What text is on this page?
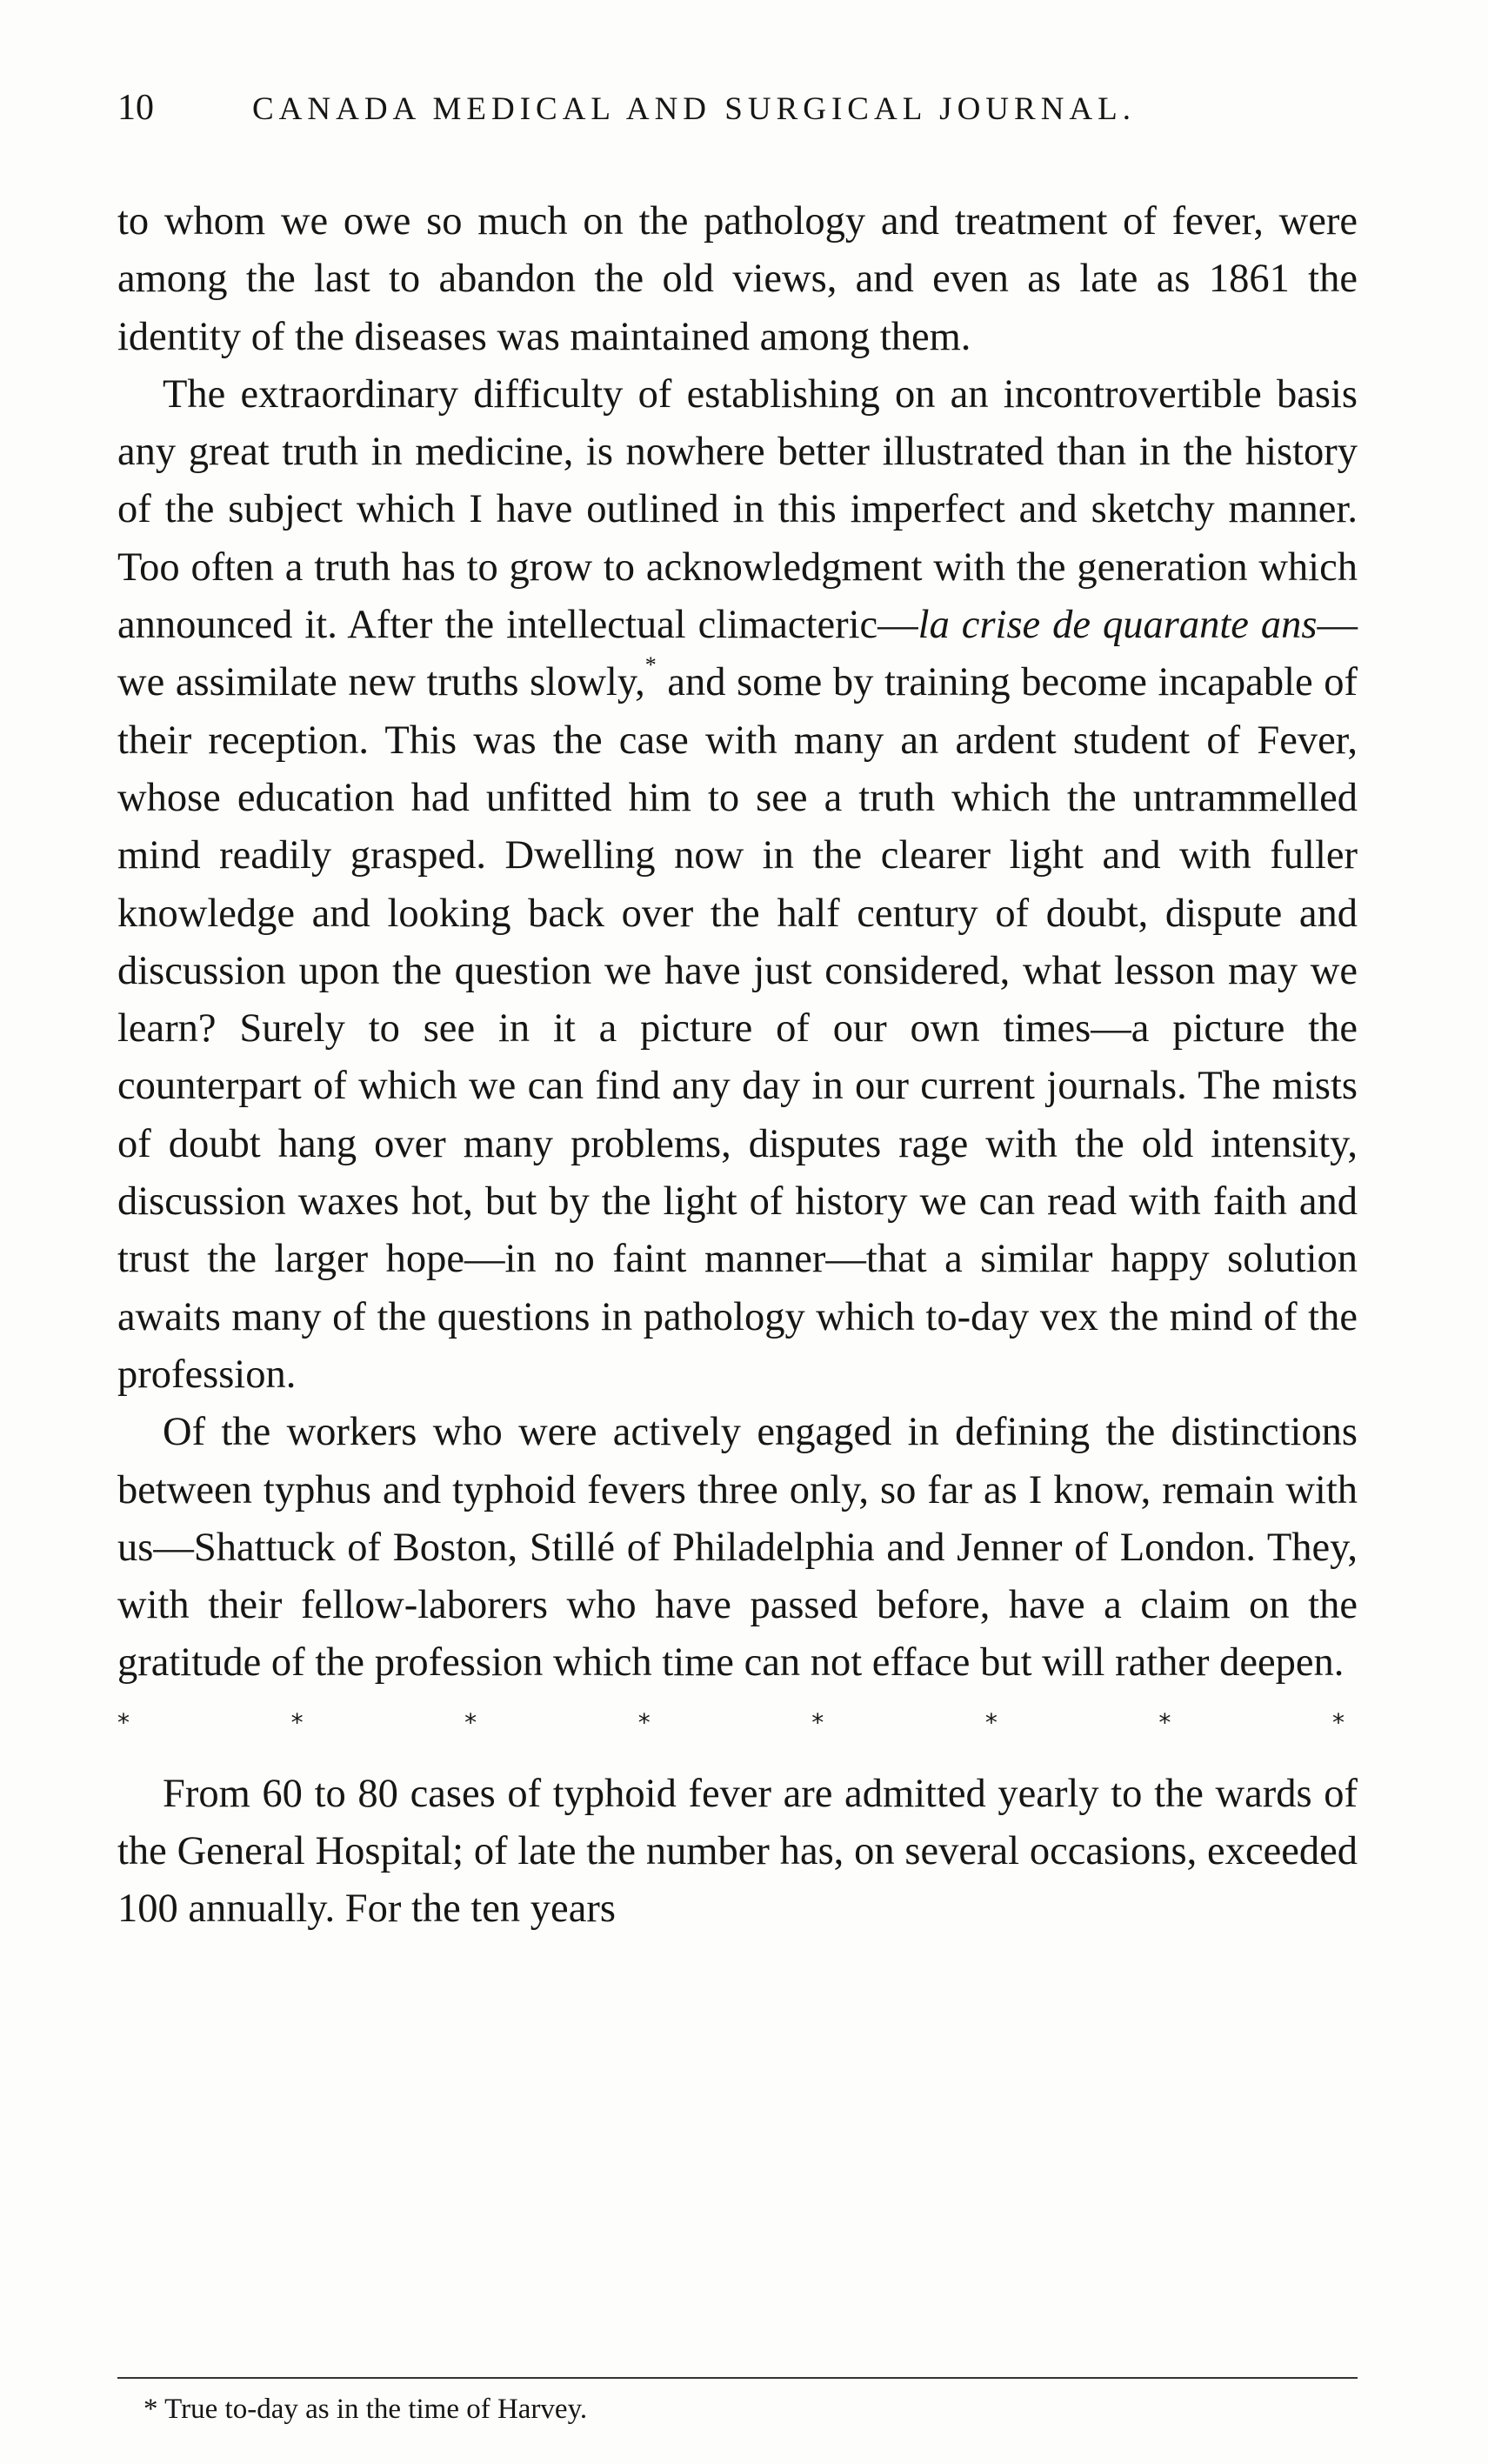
10	CANADA MEDICAL AND SURGICAL JOURNAL.

to whom we owe so much on the pathology and treatment of fever, were among the last to abandon the old views, and even as late as 1861 the identity of the diseases was maintained among them.

The extraordinary difficulty of establishing on an incontrovertible basis any great truth in medicine, is nowhere better illustrated than in the history of the subject which I have outlined in this imperfect and sketchy manner. Too often a truth has to grow to acknowledgment with the generation which announced it. After the intellectual climacteric—la crise de quarante ans—we assimilate new truths slowly,* and some by training become incapable of their reception. This was the case with many an ardent student of Fever, whose education had unfitted him to see a truth which the untrammelled mind readily grasped. Dwelling now in the clearer light and with fuller knowledge and looking back over the half century of doubt, dispute and discussion upon the question we have just considered, what lesson may we learn? Surely to see in it a picture of our own times—a picture the counterpart of which we can find any day in our current journals. The mists of doubt hang over many problems, disputes rage with the old intensity, discussion waxes hot, but by the light of history we can read with faith and trust the larger hope—in no faint manner—that a similar happy solution awaits many of the questions in pathology which to-day vex the mind of the profession.

Of the workers who were actively engaged in defining the distinctions between typhus and typhoid fevers three only, so far as I know, remain with us—Shattuck of Boston, Stillé of Philadelphia and Jenner of London. They, with their fellow-laborers who have passed before, have a claim on the gratitude of the profession which time can not efface but will rather deepen.

*	*	*	*	*	*	*	*

From 60 to 80 cases of typhoid fever are admitted yearly to the wards of the General Hospital; of late the number has, on several occasions, exceeded 100 annually. For the ten years

* True to-day as in the time of Harvey.
